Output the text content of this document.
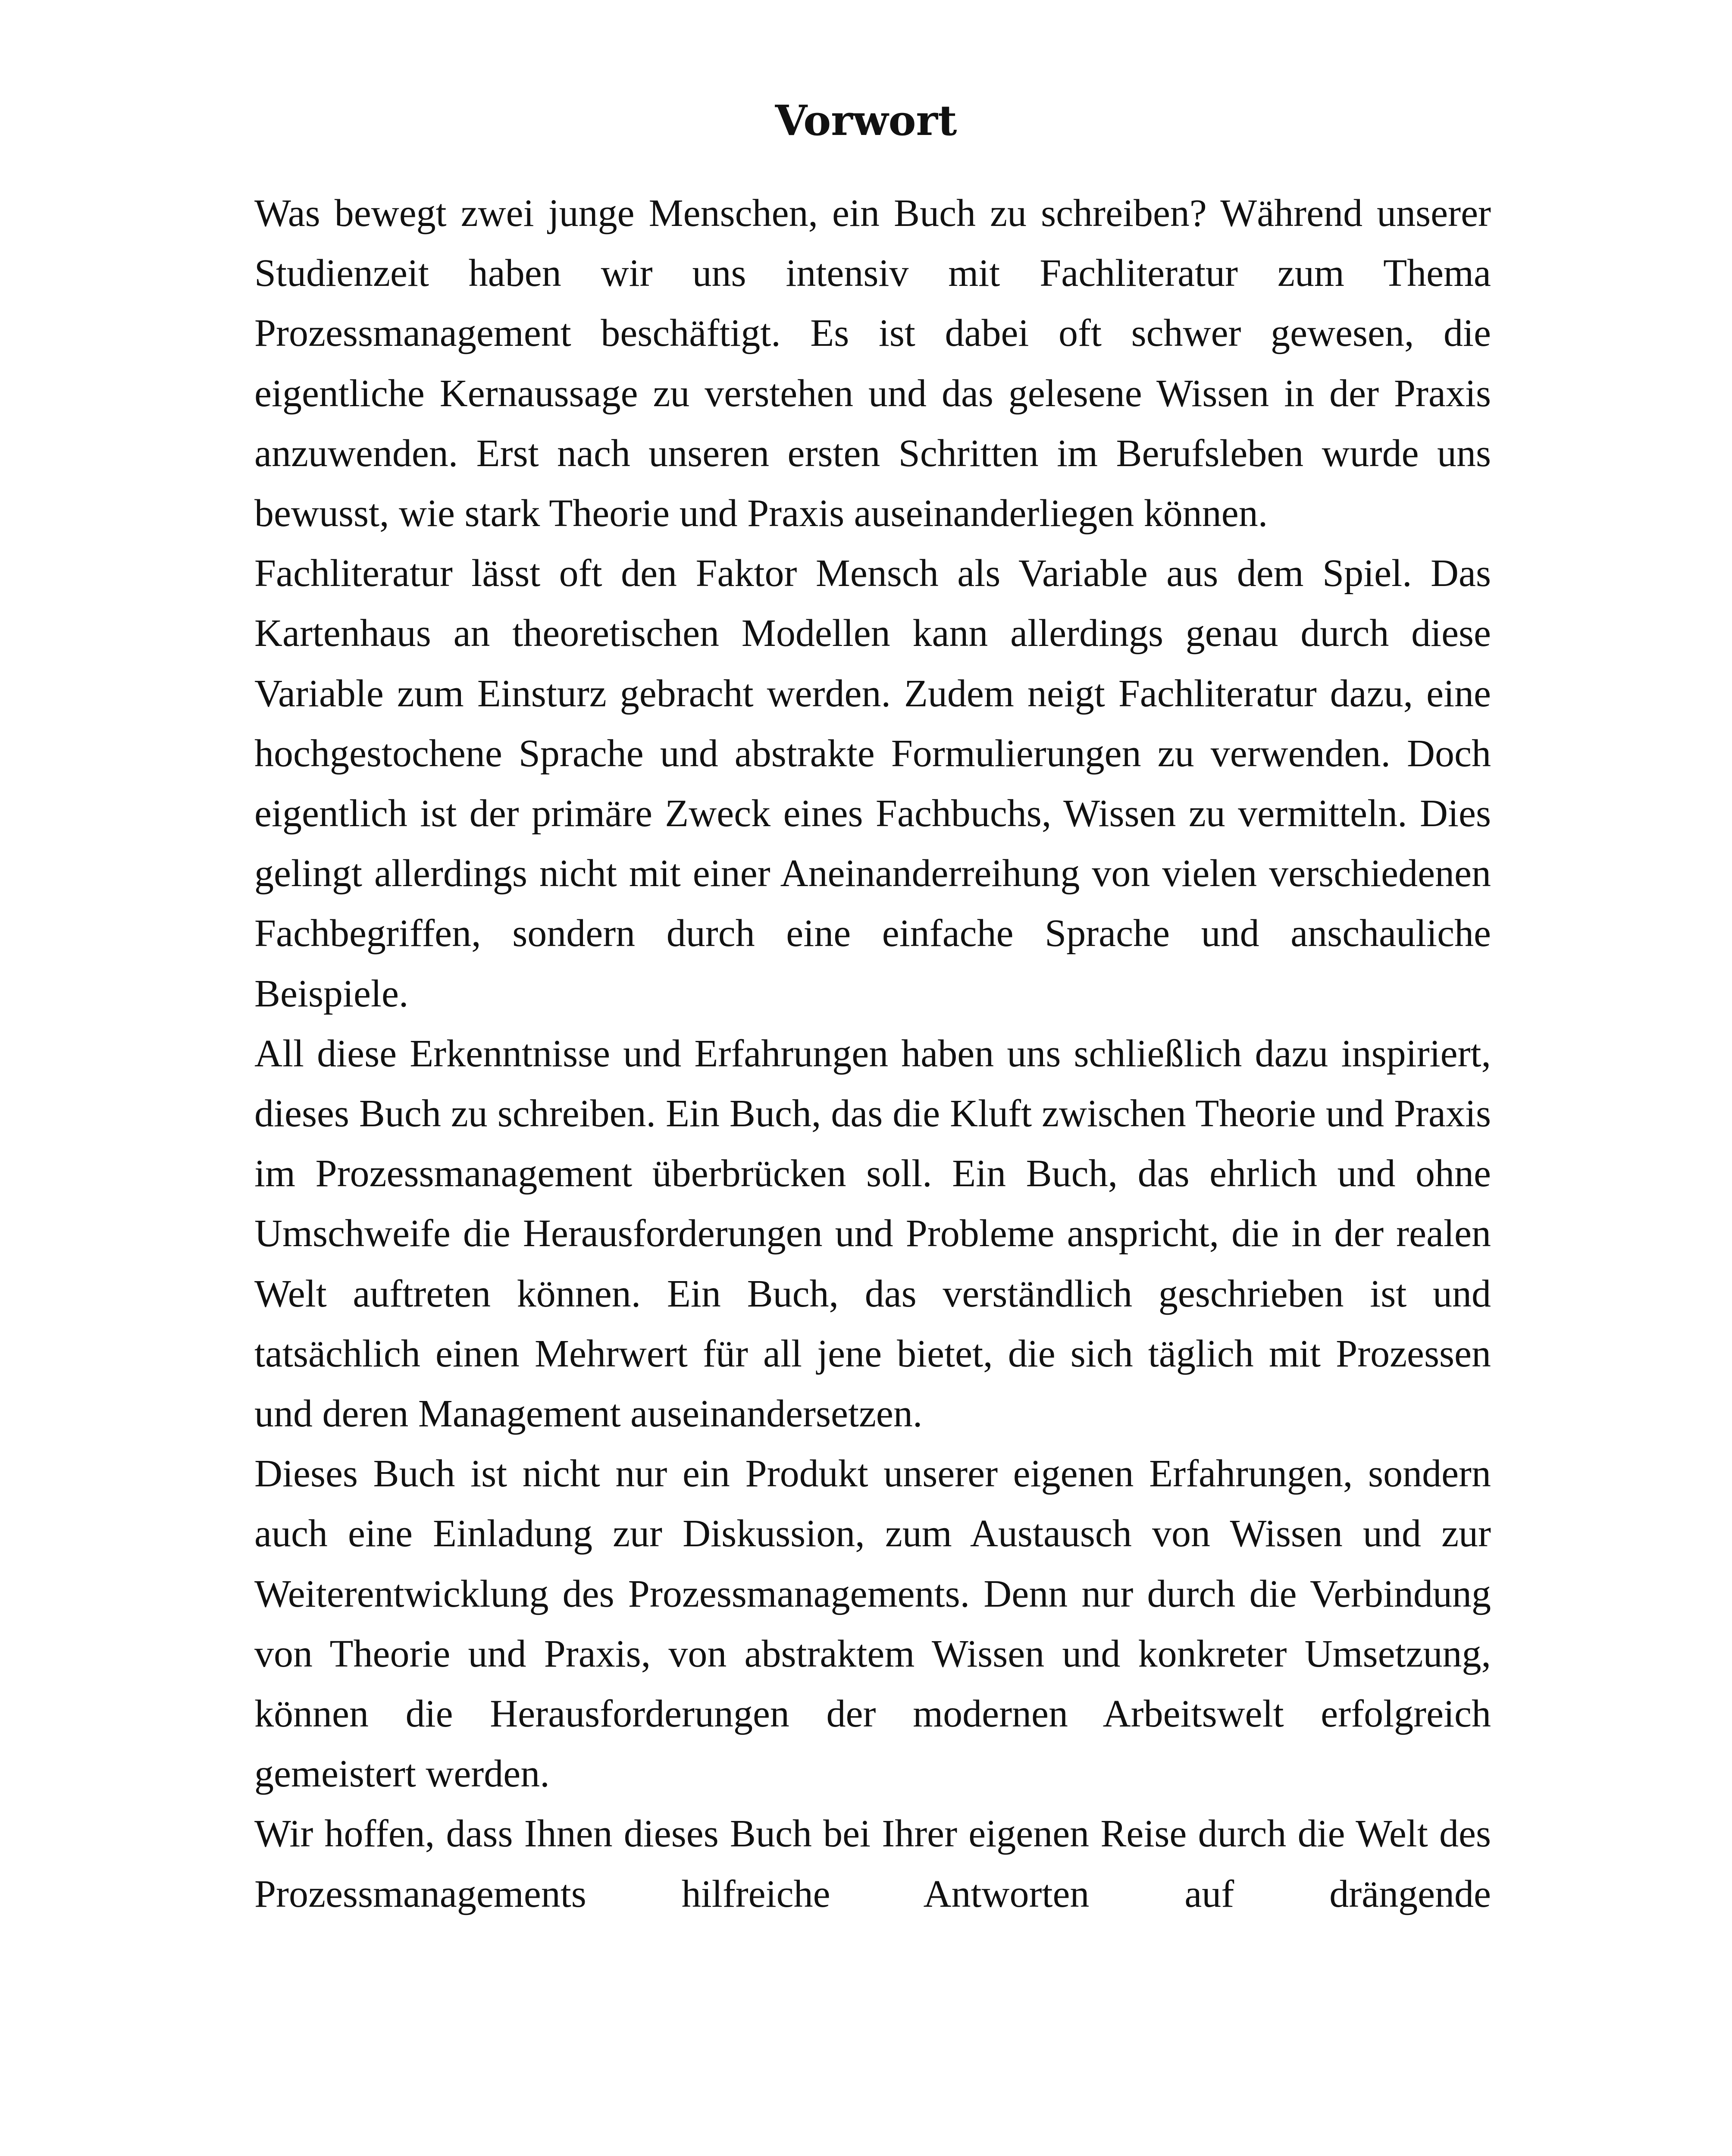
Vorwort

Was bewegt zwei junge Menschen, ein Buch zu schreiben? Während unserer Studienzeit haben wir uns intensiv mit Fachliteratur zum Thema Prozessmanagement beschäftigt. Es ist dabei oft schwer gewesen, die eigentliche Kernaussage zu verstehen und das gelesene Wissen in der Praxis anzuwenden. Erst nach unseren ersten Schritten im Berufsleben wurde uns bewusst, wie stark Theorie und Praxis auseinanderliegen können.

Fachliteratur lässt oft den Faktor Mensch als Variable aus dem Spiel. Das Kartenhaus an theoretischen Modellen kann allerdings genau durch diese Variable zum Einsturz gebracht werden. Zudem neigt Fachliteratur dazu, eine hochgestochene Sprache und abstrakte Formulierungen zu verwenden. Doch eigentlich ist der primäre Zweck eines Fachbuchs, Wissen zu vermitteln. Dies gelingt allerdings nicht mit einer Aneinanderreihung von vielen verschiedenen Fachbegriffen, sondern durch eine einfache Sprache und anschauliche Beispiele.

All diese Erkenntnisse und Erfahrungen haben uns schließlich dazu inspiriert, dieses Buch zu schreiben. Ein Buch, das die Kluft zwischen Theorie und Praxis im Prozessmanagement überbrücken soll. Ein Buch, das ehrlich und ohne Umschweife die Herausforderungen und Probleme anspricht, die in der realen Welt auftreten können. Ein Buch, das verständlich geschrieben ist und tatsächlich einen Mehrwert für all jene bietet, die sich täglich mit Prozessen und deren Management auseinandersetzen.

Dieses Buch ist nicht nur ein Produkt unserer eigenen Erfahrungen, sondern auch eine Einladung zur Diskussion, zum Austausch von Wissen und zur Weiterentwicklung des Prozessmanagements. Denn nur durch die Verbindung von Theorie und Praxis, von abstraktem Wissen und konkreter Umsetzung, können die Herausforderungen der modernen Arbeitswelt erfolgreich gemeistert werden.

Wir hoffen, dass Ihnen dieses Buch bei Ihrer eigenen Reise durch die Welt des Prozessmanagements hilfreiche Antworten auf drängende
